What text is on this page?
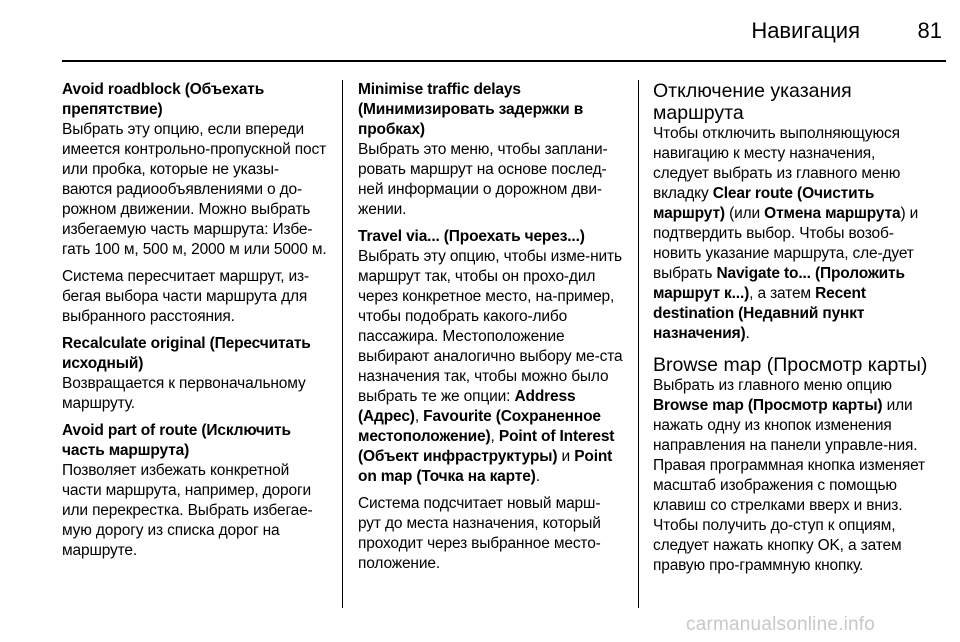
Навигация	81
Avoid roadblock (Объехать препятствие)
Выбрать эту опцию, если впереди имеется контрольно-пропускной пост или пробка, которые не указы-ваются радиообъявлениями о до-рожном движении. Можно выбрать избегаемую часть маршрута: Избе-гать 100 м, 500 м, 2000 м или 5000 м.
Система пересчитает маршрут, из-бегая выбора части маршрута для выбранного расстояния.
Recalculate original (Пересчитать исходный)
Возвращается к первоначальному маршруту.
Avoid part of route (Исключить часть маршрута)
Позволяет избежать конкретной части маршрута, например, дороги или перекрестка. Выбрать избегае-мую дорогу из списка дорог на маршруте.
Minimise traffic delays (Минимизировать задержки в пробках)
Выбрать это меню, чтобы заплани-ровать маршрут на основе послед-ней информации о дорожном дви-жении.
Travel via... (Проехать через...)
Выбрать эту опцию, чтобы изме-нить маршрут так, чтобы он прохо-дил через конкретное место, на-пример, чтобы подобрать какого-либо пассажира. Местоположение выбирают аналогично выбору ме-ста назначения так, чтобы можно было выбрать те же опции: Address (Адрес), Favourite (Сохраненное местоположение), Point of Interest (Объект инфраструктуры) и Point on map (Точка на карте).
Система подсчитает новый марш-рут до места назначения, который проходит через выбранное место-положение.
Отключение указания маршрута
Чтобы отключить выполняющуюся навигацию к месту назначения, следует выбрать из главного меню вкладку Clear route (Очистить маршрут) (или Отмена маршрута) и подтвердить выбор. Чтобы возоб-новить указание маршрута, сле-дует выбрать Navigate to... (Проложить маршрут к...), а затем Recent destination (Недавний пункт назначения).
Browse map (Просмотр карты)
Выбрать из главного меню опцию Browse map (Просмотр карты) или нажать одну из кнопок изменения направления на панели управле-ния. Правая программная кнопка изменяет масштаб изображения с помощью клавиш со стрелками вверх и вниз. Чтобы получить до-ступ к опциям, следует нажать кнопку OK, а затем правую про-граммную кнопку.
carmanualsonline.info
